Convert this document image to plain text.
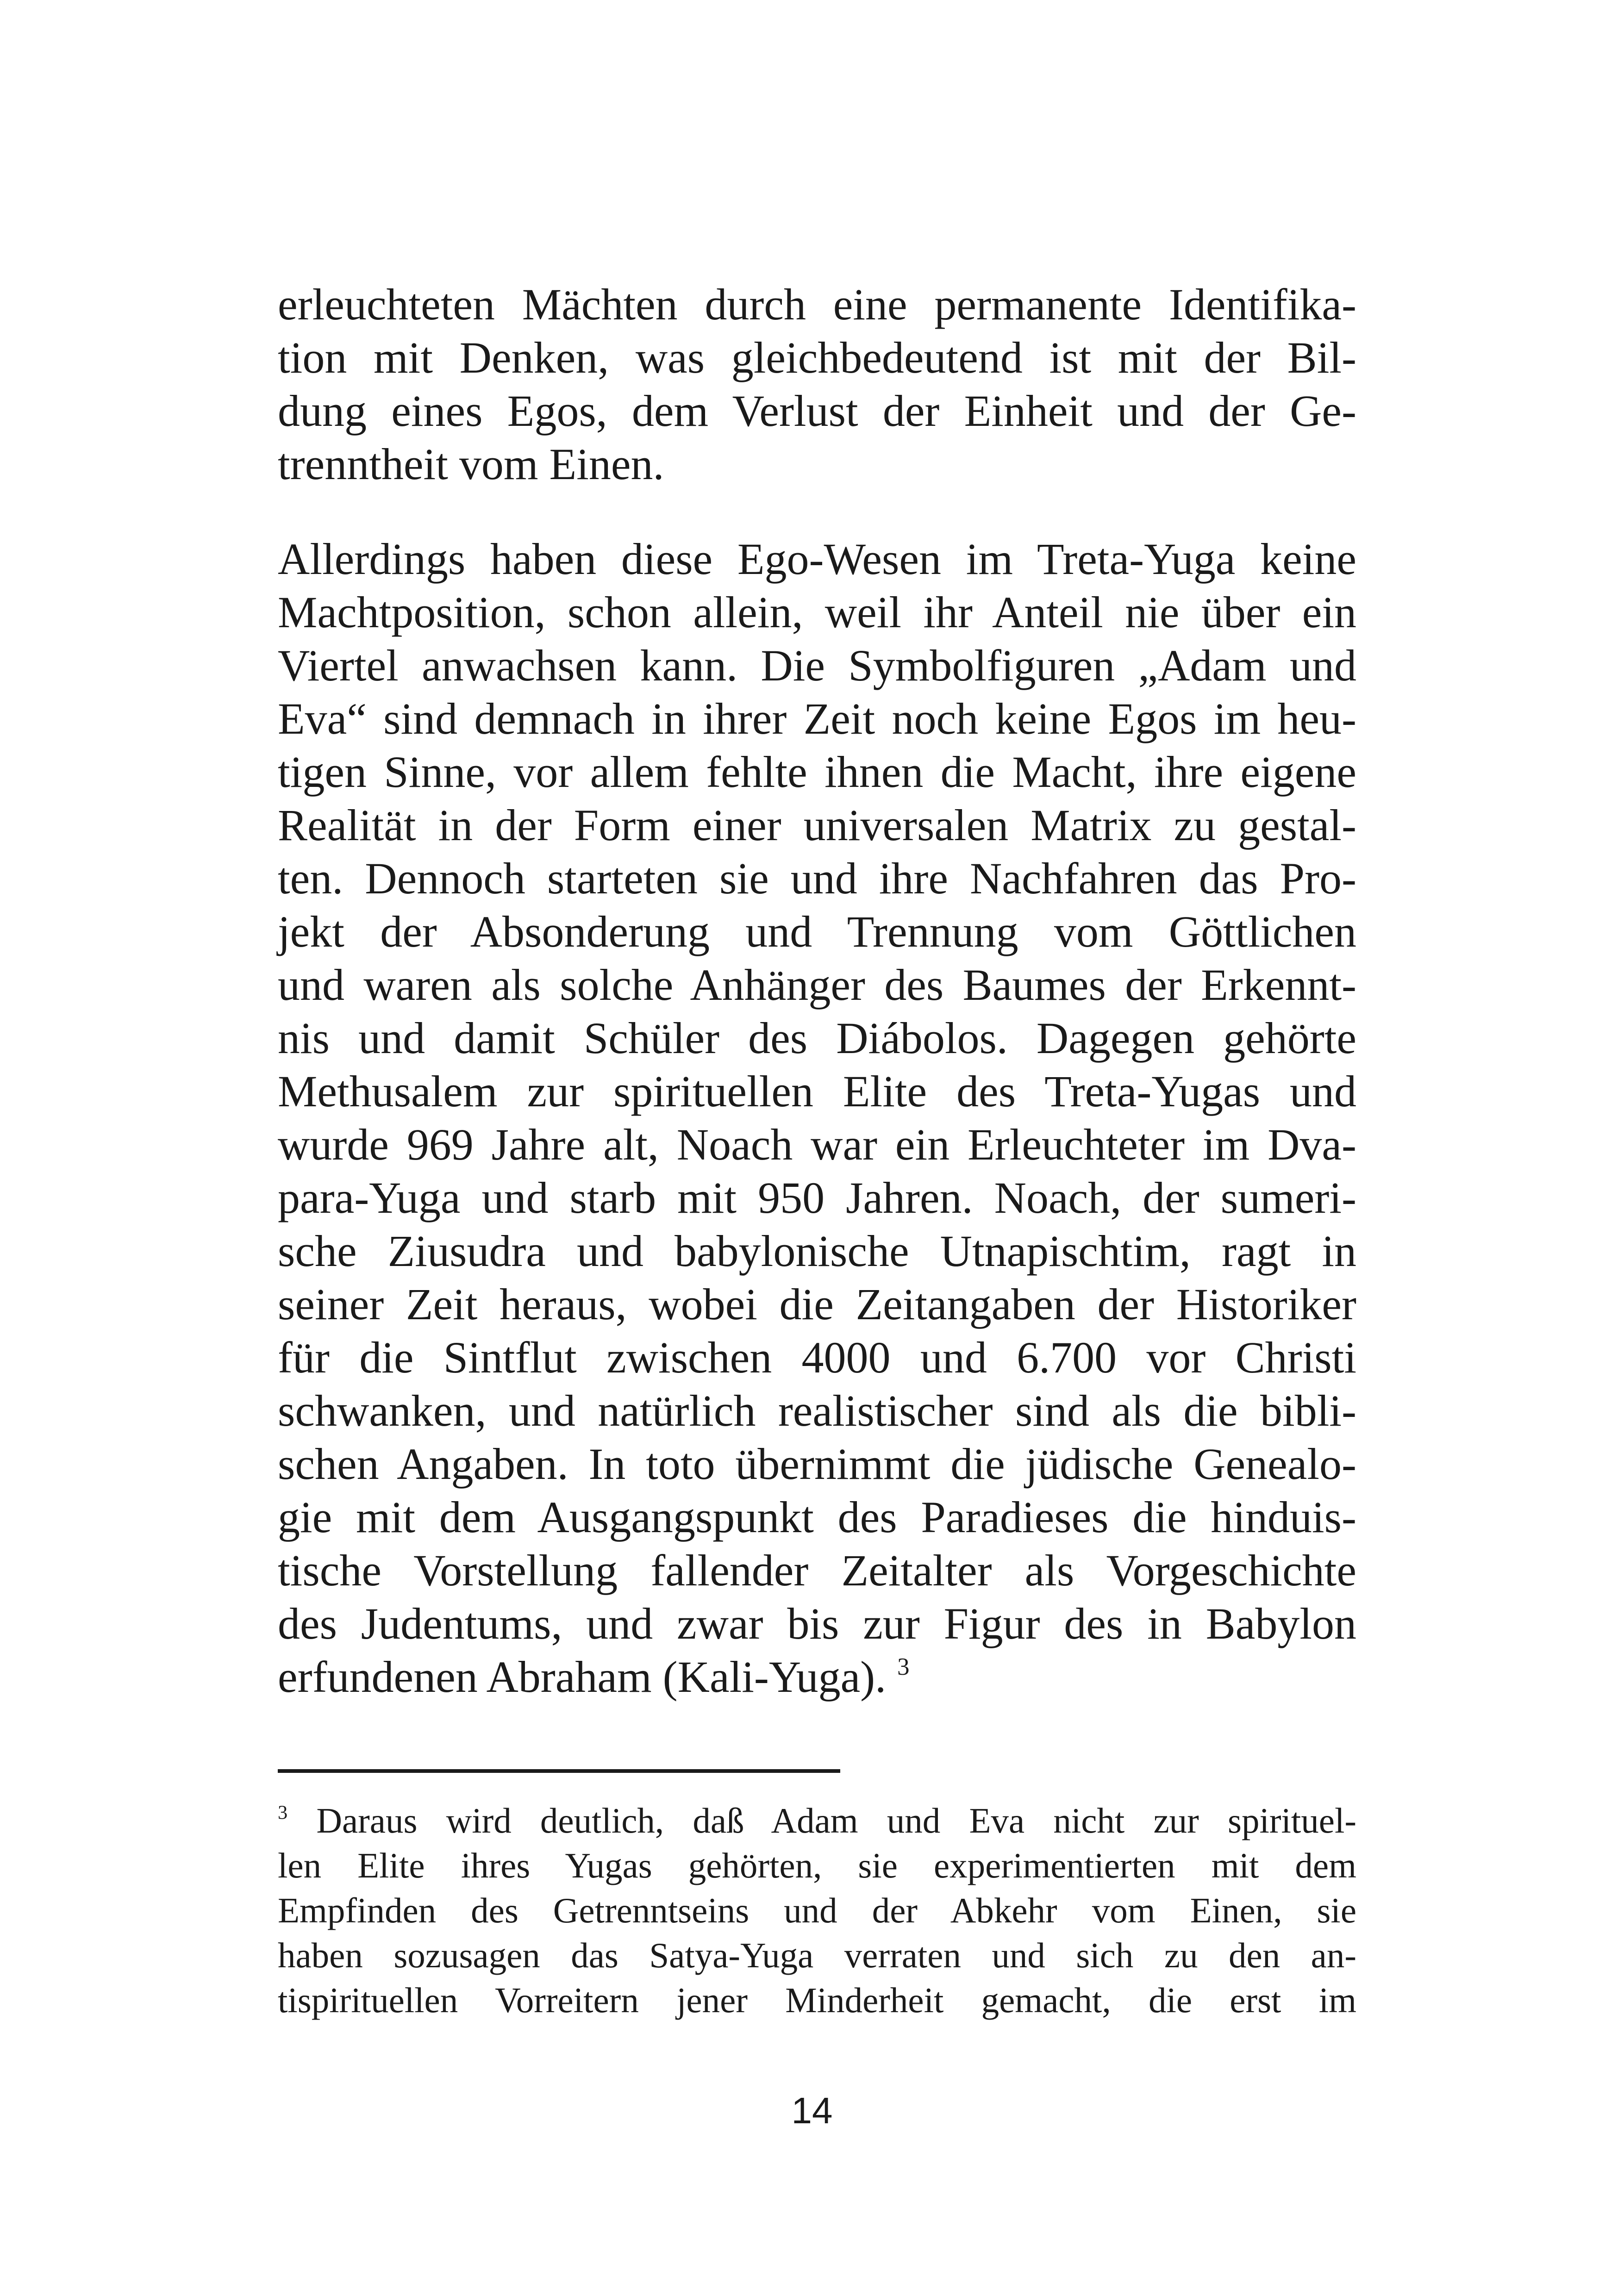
erleuchteten Mächten durch eine permanente Identifika-
tion mit Denken, was gleichbedeutend ist mit der Bil-
dung eines Egos, dem Verlust der Einheit und der Ge-
trenntheit vom Einen.

Allerdings haben diese Ego-Wesen im Treta-Yuga keine
Machtposition, schon allein, weil ihr Anteil nie über ein
Viertel anwachsen kann. Die Symbolfiguren „Adam und
Eva“ sind demnach in ihrer Zeit noch keine Egos im heu-
tigen Sinne, vor allem fehlte ihnen die Macht, ihre eigene
Realität in der Form einer universalen Matrix zu gestal-
ten. Dennoch starteten sie und ihre Nachfahren das Pro-
jekt der Absonderung und Trennung vom Göttlichen
und waren als solche Anhänger des Baumes der Erkennt-
nis und damit Schüler des Diábolos. Dagegen gehörte
Methusalem zur spirituellen Elite des Treta-Yugas und
wurde 969 Jahre alt, Noach war ein Erleuchteter im Dva-
para-Yuga und starb mit 950 Jahren. Noach, der sumeri-
sche Ziusudra und babylonische Utnapischtim, ragt in
seiner Zeit heraus, wobei die Zeitangaben der Historiker
für die Sintflut zwischen 4000 und 6.700 vor Christi
schwanken, und natürlich realistischer sind als die bibli-
schen Angaben. In toto übernimmt die jüdische Genealo-
gie mit dem Ausgangspunkt des Paradieses die hinduis-
tische Vorstellung fallender Zeitalter als Vorgeschichte
des Judentums, und zwar bis zur Figur des in Babylon
erfundenen Abraham (Kali-Yuga). $^3$

$^3$ Daraus wird deutlich, daß Adam und Eva nicht zur spirituel-
len Elite ihres Yugas gehörten, sie experimentierten mit dem
Empfinden des Getrenntseins und der Abkehr vom Einen, sie
haben sozusagen das Satya-Yuga verraten und sich zu den an-
tispirituellen Vorreitern jener Minderheit gemacht, die erst im

14
